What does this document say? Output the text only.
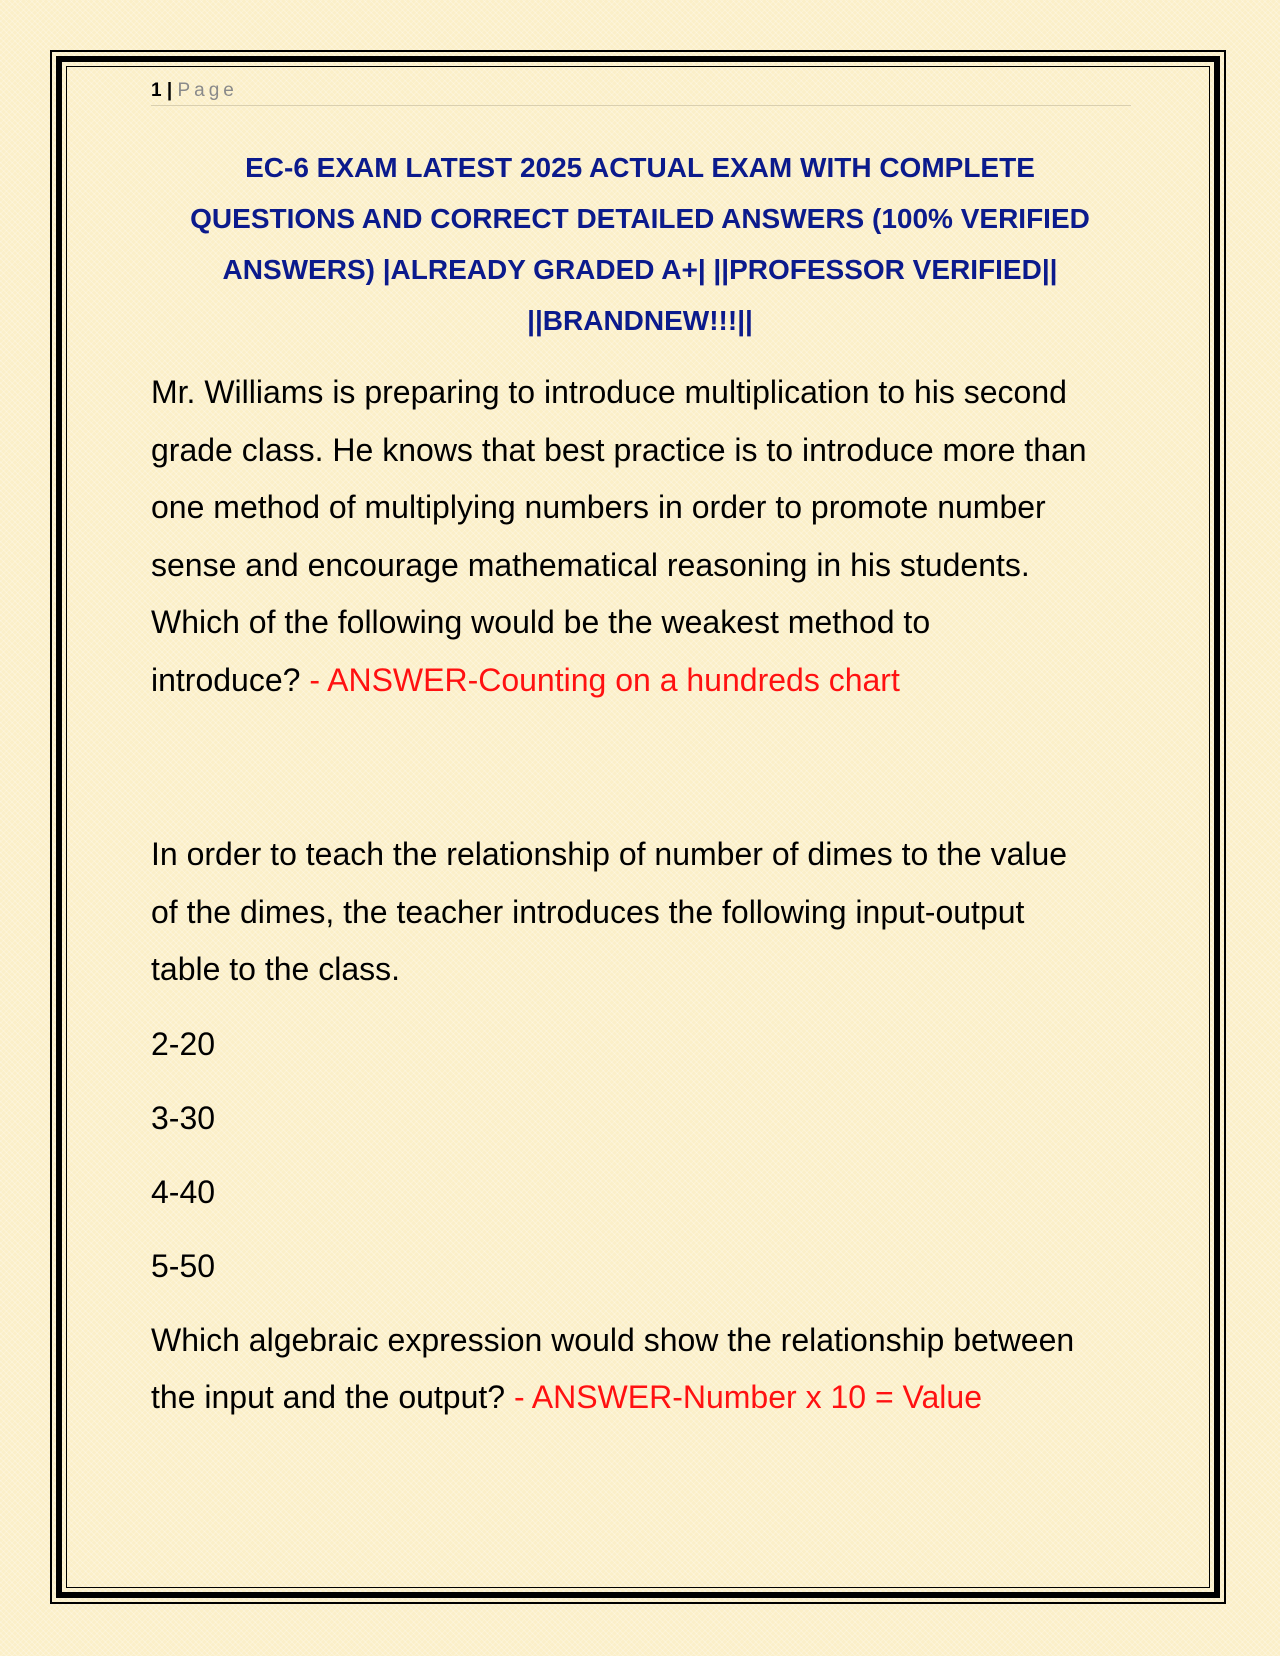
1 | Page
EC-6 EXAM LATEST 2025 ACTUAL EXAM WITH COMPLETE
QUESTIONS AND CORRECT DETAILED ANSWERS (100% VERIFIED
ANSWERS) |ALREADY GRADED A+| ||PROFESSOR VERIFIED||
||BRANDNEW!!!||

Mr. Williams is preparing to introduce multiplication to his second

grade class. He knows that best practice is to introduce more than

one method of multiplying numbers in order to promote number

sense and encourage mathematical reasoning in his students.

Which of the following would be the weakest method to

introduce? - ANSWER-Counting on a hundreds chart

In order to teach the relationship of number of dimes to the value

of the dimes, the teacher introduces the following input-output

table to the class.

2-20

3-30

4-40

5-50

Which algebraic expression would show the relationship between

the input and the output? - ANSWER-Number x 10 = Value
